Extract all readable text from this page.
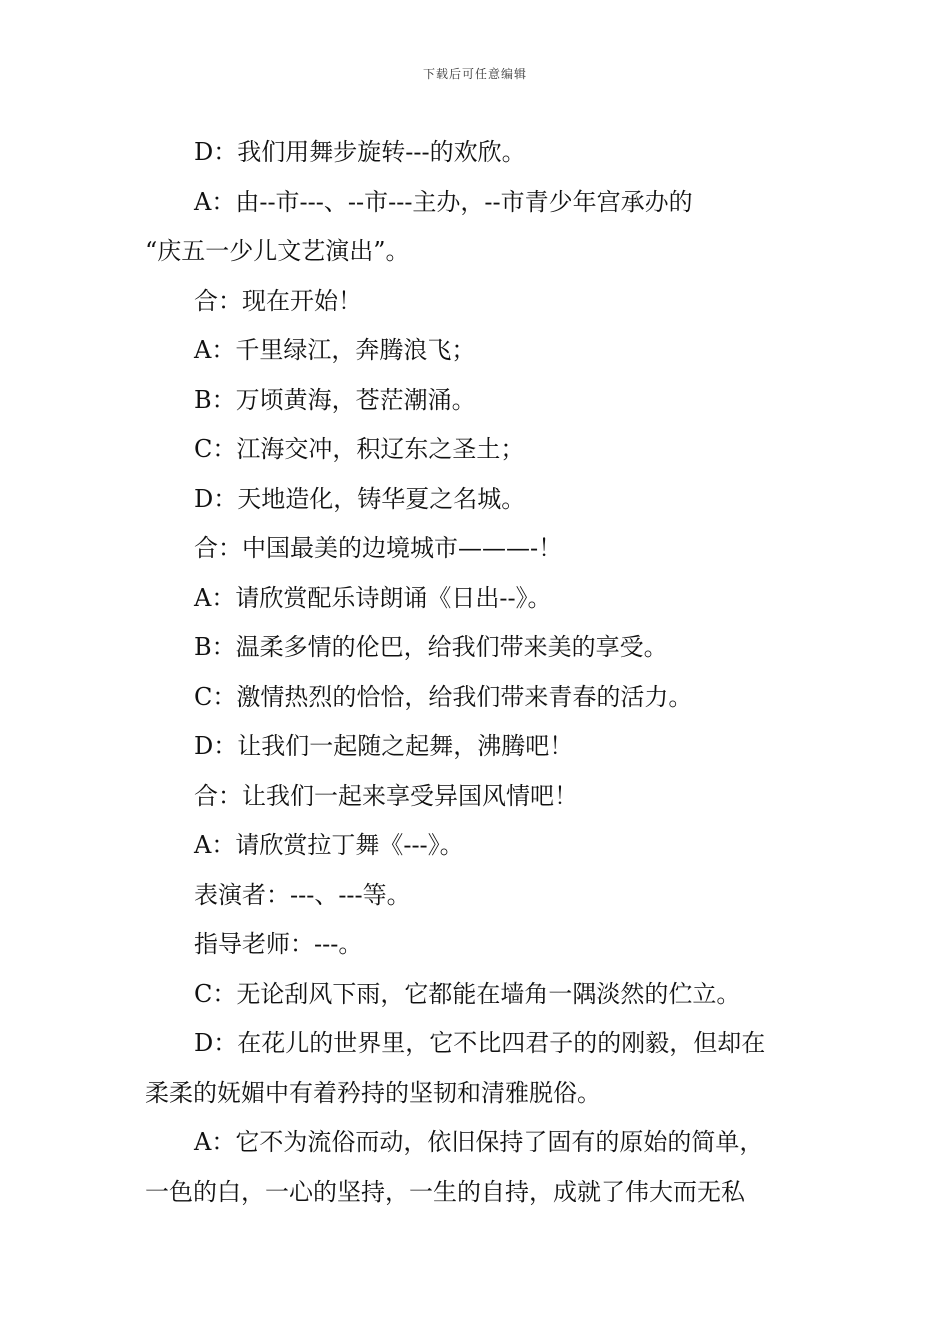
下载后可任意编辑

D：我们用舞步旋转---的欢欣。

A：由--市---、--市---主办，--市青少年宫承办的

“庆五一少儿文艺演出”。

合：现在开始！

A：千里绿江，奔腾浪飞；

B：万顷黄海，苍茫潮涌。

C：江海交冲，积辽东之圣土；

D：天地造化，铸华夏之名城。

合：中国最美的边境城市———-！

A：请欣赏配乐诗朗诵《日出--》。

B：温柔多情的伦巴，给我们带来美的享受。

C：激情热烈的恰恰，给我们带来青春的活力。

D：让我们一起随之起舞，沸腾吧！

合：让我们一起来享受异国风情吧！

A：请欣赏拉丁舞《---》。

表演者：---、---等。

指导老师：---。

C：无论刮风下雨，它都能在墙角一隅淡然的伫立。

D：在花儿的世界里，它不比四君子的的刚毅，但却在

柔柔的妩媚中有着矜持的坚韧和清雅脱俗。

A：它不为流俗而动，依旧保持了固有的原始的简单，

一色的白，一心的坚持，一生的自持，成就了伟大而无私
